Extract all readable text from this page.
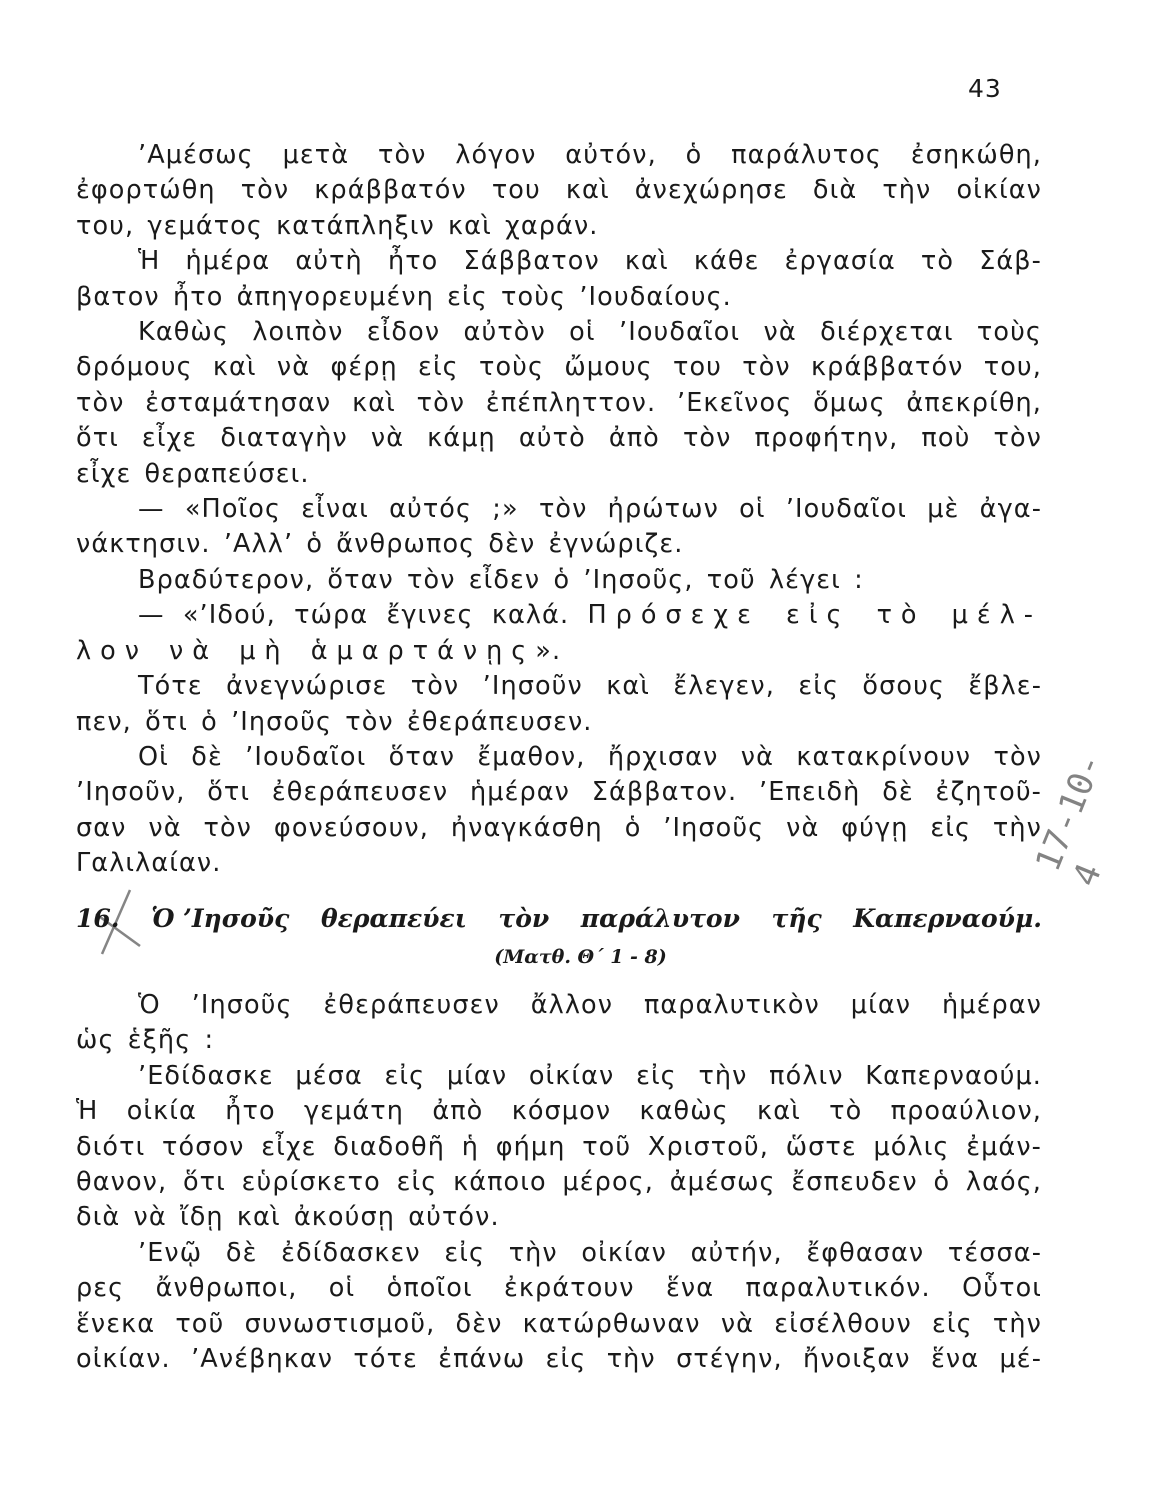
43
’Αμέσως μετὰ τὸν λόγον αὐτόν, ὁ παράλυτος ἐσηκώθη,
ἐφορτώθη τὸν κράββατόν του καὶ ἀνεχώρησε διὰ τὴν οἰκίαν
του, γεμάτος κατάπληξιν καὶ χαράν.
Ἡ ἡμέρα αὐτὴ ἦτο Σάββατον καὶ κάθε ἐργασία τὸ Σάβ-
βατον ἦτο ἀπηγορευμένη εἰς τοὺς ’Ιουδαίους.
Καθὼς λοιπὸν εἶδον αὐτὸν οἱ ’Ιουδαῖοι νὰ διέρχεται τοὺς
δρόμους καὶ νὰ φέρῃ εἰς τοὺς ὤμους του τὸν κράββατόν του,
τὸν ἐσταμάτησαν καὶ τὸν ἐπέπληττον. ’Εκεῖνος ὅμως ἀπεκρίθη,
ὅτι εἶχε διαταγὴν νὰ κάμῃ αὐτὸ ἀπὸ τὸν προφήτην, ποὺ τὸν
εἶχε θεραπεύσει.
— «Ποῖος εἶναι αὐτός ;» τὸν ἠρώτων οἱ ’Ιουδαῖοι μὲ ἀγα-
νάκτησιν. ’Αλλ’ ὁ ἄνθρωπος δὲν ἐγνώριζε.
Βραδύτερον, ὅταν τὸν εἶδεν ὁ ’Ιησοῦς, τοῦ λέγει :
— «’Ιδού, τώρα ἔγινες καλά. Πρόσεχε εἰς τὸ μέλ-
λον νὰ μὴ ἁμαρτάνῃς».
Τότε ἀνεγνώρισε τὸν ’Ιησοῦν καὶ ἔλεγεν, εἰς ὅσους ἔβλε-
πεν, ὅτι ὁ ’Ιησοῦς τὸν ἐθεράπευσεν.
Οἱ δὲ ’Ιουδαῖοι ὅταν ἔμαθον, ἤρχισαν νὰ κατακρίνουν τὸν
’Ιησοῦν, ὅτι ἐθεράπευσεν ἡμέραν Σάββατον. ’Επειδὴ δὲ ἐζητοῦ-
σαν νὰ τὸν φονεύσουν, ἠναγκάσθη ὁ ’Ιησοῦς νὰ φύγῃ εἰς τὴν
Γαλιλαίαν.
16. Ὁ ’Ιησοῦς θεραπεύει τὸν παράλυτον τῆς Καπερναούμ.
(Ματθ. Θ΄ 1 - 8)
17-10-4
Ὁ ’Ιησοῦς ἐθεράπευσεν ἄλλον παραλυτικὸν μίαν ἡμέραν
ὡς ἑξῆς :
’Εδίδασκε μέσα εἰς μίαν οἰκίαν εἰς τὴν πόλιν Καπερναούμ.
Ἡ οἰκία ἦτο γεμάτη ἀπὸ κόσμον καθὼς καὶ τὸ προαύλιον,
διότι τόσον εἶχε διαδοθῆ ἡ φήμη τοῦ Χριστοῦ, ὥστε μόλις ἐμάν-
θανον, ὅτι εὑρίσκετο εἰς κάποιο μέρος, ἀμέσως ἔσπευδεν ὁ λαός,
διὰ νὰ ἴδῃ καὶ ἀκούσῃ αὐτόν.
’Ενῷ δὲ ἐδίδασκεν εἰς τὴν οἰκίαν αὐτήν, ἔφθασαν τέσσα-
ρες ἄνθρωποι, οἱ ὁποῖοι ἐκράτουν ἕνα παραλυτικόν. Οὗτοι
ἕνεκα τοῦ συνωστισμοῦ, δὲν κατώρθωναν νὰ εἰσέλθουν εἰς τὴν
οἰκίαν. ’Ανέβηκαν τότε ἐπάνω εἰς τὴν στέγην, ἤνοιξαν ἕνα μέ-
